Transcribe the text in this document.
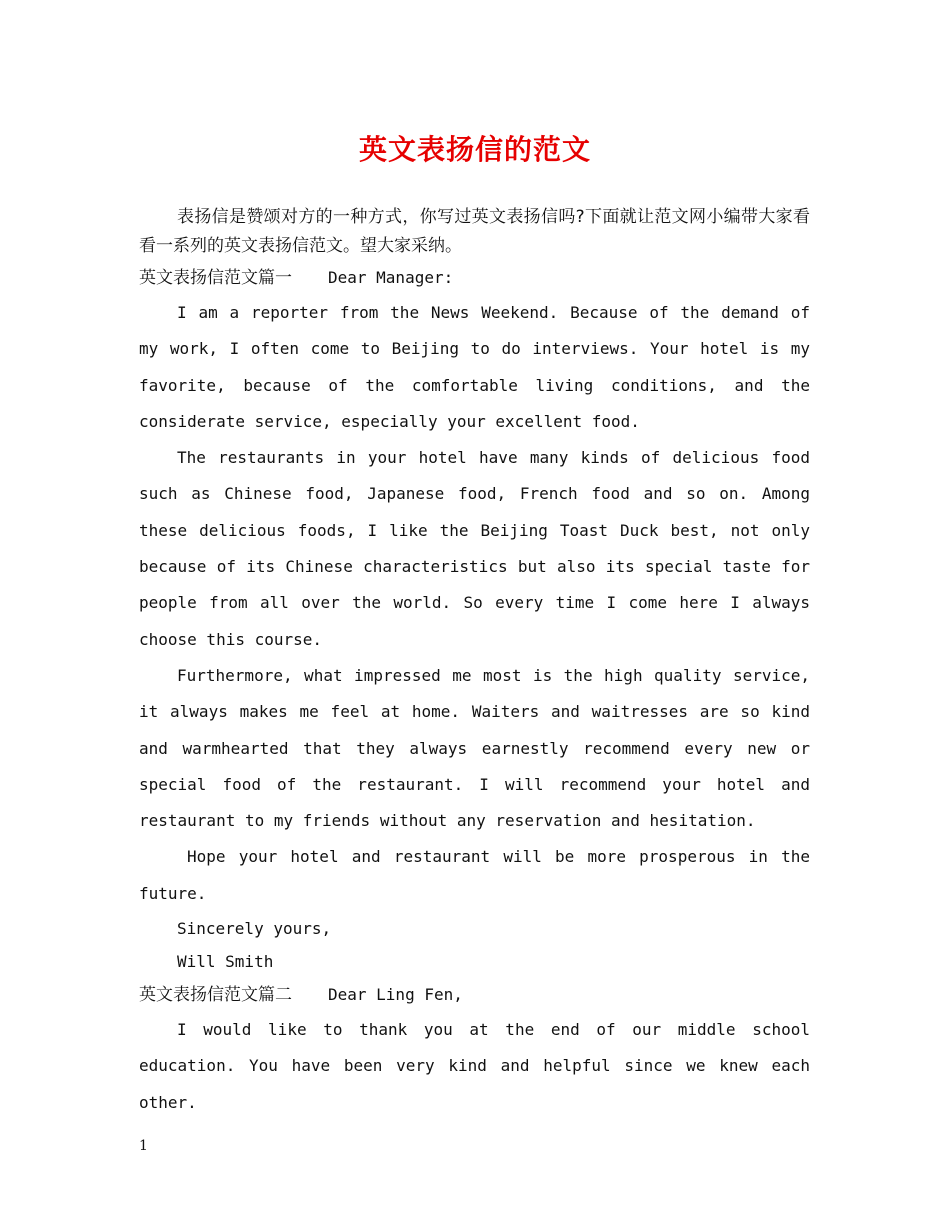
英文表扬信的范文

表扬信是赞颂对方的一种方式，你写过英文表扬信吗?下面就让范文网小编带大家看看一系列的英文表扬信范文。望大家采纳。

英文表扬信范文篇一 Dear Manager:

I am a reporter from the News Weekend. Because of the demand of my work, I often come to Beijing to do interviews. Your hotel is my favorite, because of the comfortable living conditions, and the considerate service, especially your excellent food.

The restaurants in your hotel have many kinds of delicious food such as Chinese food, Japanese food, French food and so on. Among these delicious foods, I like the Beijing Toast Duck best, not only because of its Chinese characteristics but also its special taste for people from all over the world. So every time I come here I always choose this course.

Furthermore, what impressed me most is the high quality service, it always makes me feel at home. Waiters and waitresses are so kind and warmhearted that they always earnestly recommend every new or special food of the restaurant. I will recommend your hotel and restaurant to my friends without any reservation and hesitation.

Hope your hotel and restaurant will be more prosperous in the future.

Sincerely yours,

Will Smith

英文表扬信范文篇二 Dear Ling Fen,

I would like to thank you at the end of our middle school education. You have been very kind and helpful since we knew each other.

1
